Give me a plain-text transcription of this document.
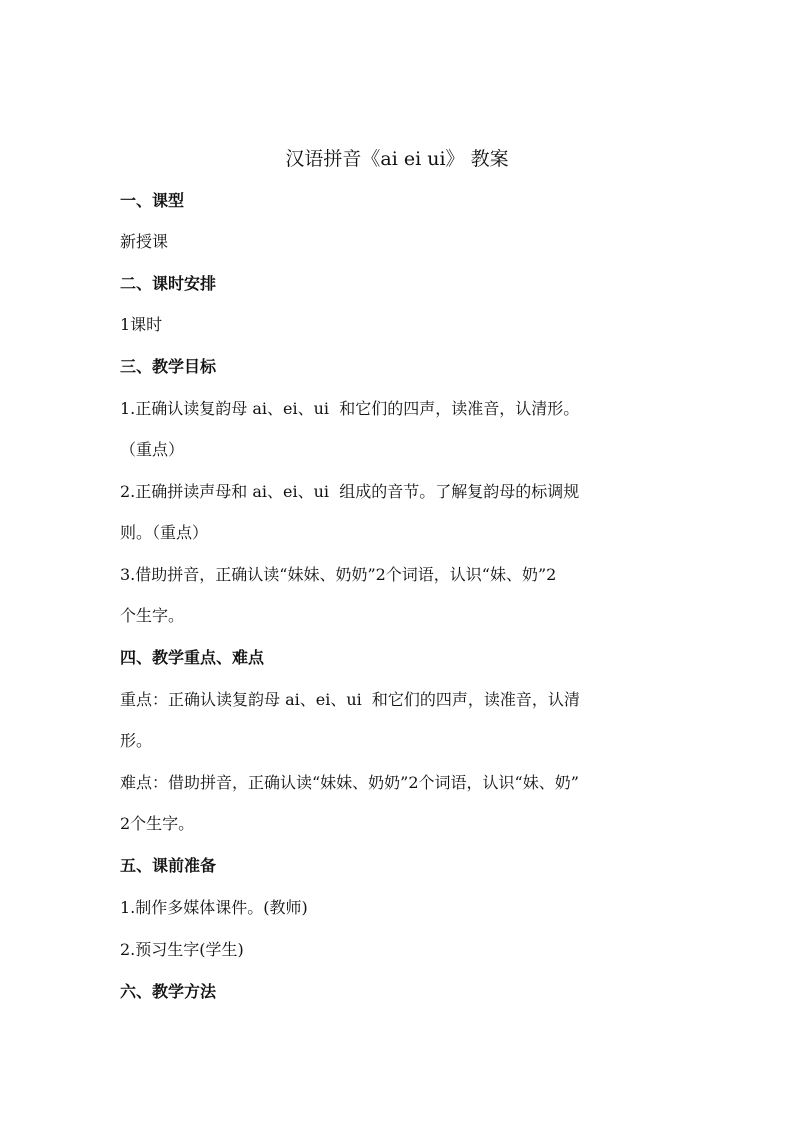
汉语拼音《ai ei ui》 教案
一、课型
新授课
二、课时安排
1课时
三、教学目标
1.正确认读复韵母 ai、ei、ui  和它们的四声，读准音，认清形。
（重点）
2.正确拼读声母和 ai、ei、ui  组成的音节。了解复韵母的标调规
则。（重点）
3.借助拼音，正确认读“妹妹、奶奶”2个词语，认识“妹、奶”2
个生字。
四、教学重点、难点
重点：正确认读复韵母 ai、ei、ui  和它们的四声，读准音，认清
形。
难点：借助拼音，正确认读“妹妹、奶奶”2个词语，认识“妹、奶”
2个生字。
五、课前准备
1.制作多媒体课件。(教师)
2.预习生字(学生)
六、教学方法
